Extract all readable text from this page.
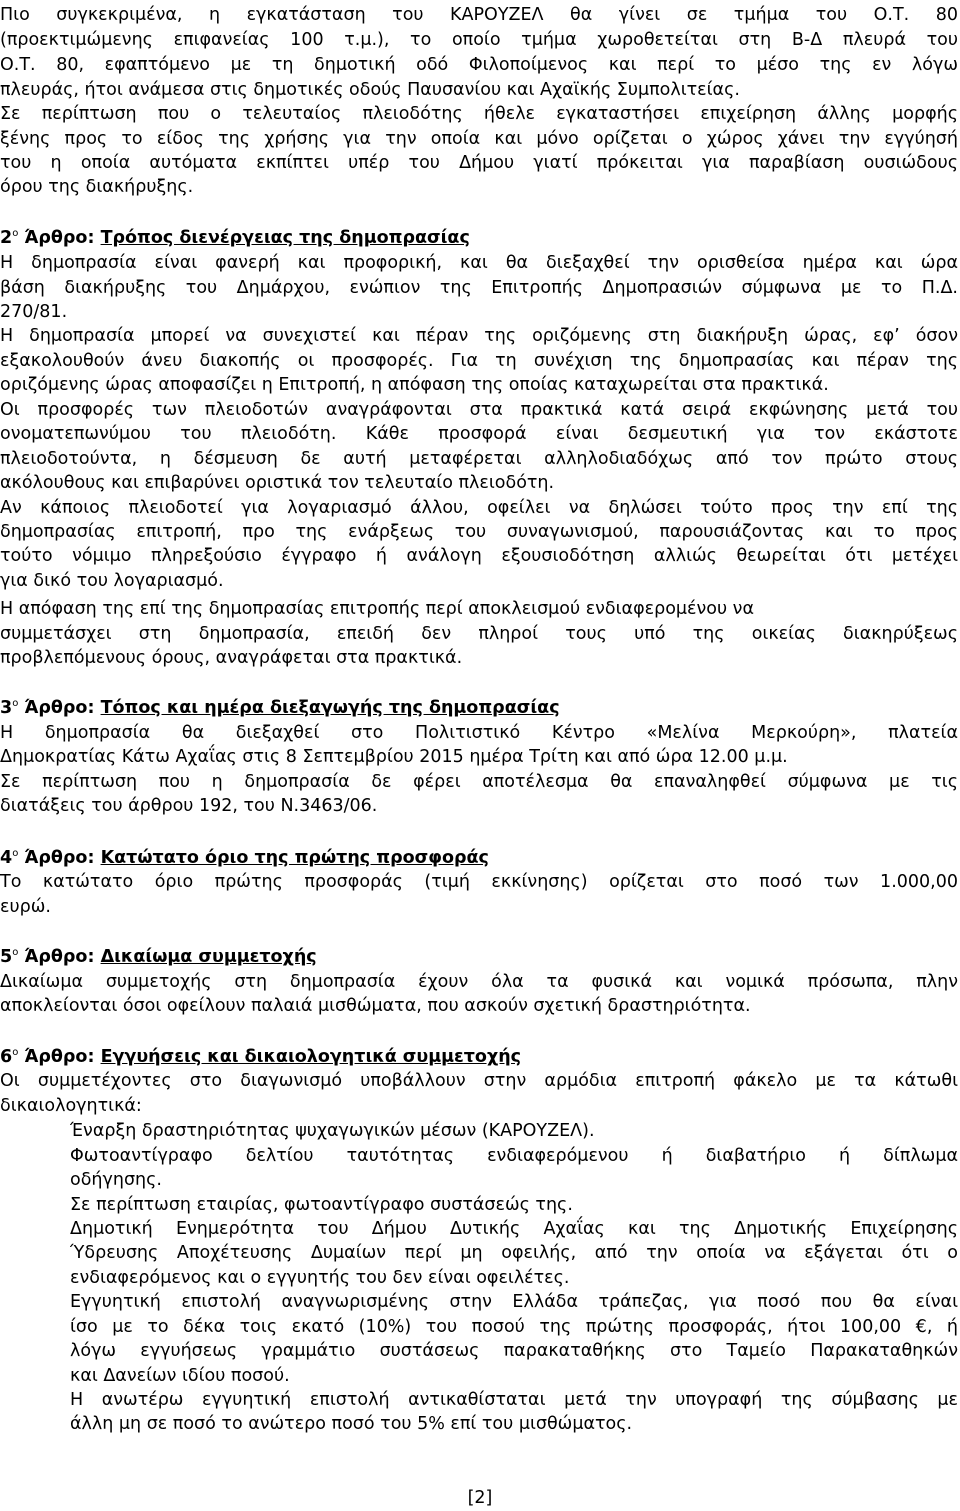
Πιο συγκεκριμένα, η εγκατάσταση του ΚΑΡΟΥΖΕΛ θα γίνει σε τμήμα του Ο.Τ. 80

(προεκτιμώμενης επιφανείας 100 τ.μ.), το οποίο τμήμα χωροθετείται στη Β-Δ πλευρά του

Ο.Τ. 80, εφαπτόμενο με τη δημοτική οδό Φιλοποίμενος και περί το μέσο της εν λόγω

πλευράς, ήτοι ανάμεσα στις δημοτικές οδούς Παυσανίου και Αχαϊκής Συμπολιτείας.

Σε περίπτωση που ο τελευταίος πλειοδότης ήθελε εγκαταστήσει επιχείρηση άλλης μορφής

ξένης προς το είδος της χρήσης για την οποία και μόνο ορίζεται ο χώρος χάνει την εγγύησή

του η οποία αυτόματα εκπίπτει υπέρ του Δήμου γιατί πρόκειται για παραβίαση ουσιώδους

όρου της διακήρυξης.

$2^o$ Άρθρο: Τρόπος διενέργειας της δημοπρασίας

Η δημοπρασία είναι φανερή και προφορική, και θα διεξαχθεί την ορισθείσα ημέρα και ώρα

βάση διακήρυξης του Δημάρχου, ενώπιον της Επιτροπής Δημοπρασιών σύμφωνα με το Π.Δ.

270/81.

Η δημοπρασία μπορεί να συνεχιστεί και πέραν της οριζόμενης στη διακήρυξη ώρας, εφ’ όσον

εξακολουθούν άνευ διακοπής οι προσφορές. Για τη συνέχιση της δημοπρασίας και πέραν της

οριζόμενης ώρας αποφασίζει η Επιτροπή, η απόφαση της οποίας καταχωρείται στα πρακτικά.

Οι προσφορές των πλειοδοτών αναγράφονται στα πρακτικά κατά σειρά εκφώνησης μετά του

ονοματεπωνύμου του πλειοδότη. Κάθε προσφορά είναι δεσμευτική για τον εκάστοτε

πλειοδοτούντα, η δέσμευση δε αυτή μεταφέρεται αλληλοδιαδόχως από τον πρώτο στους

ακόλουθους και επιβαρύνει οριστικά τον τελευταίο πλειοδότη.

Αν κάποιος πλειοδοτεί για λογαριασμό άλλου, οφείλει να δηλώσει τούτο προς την επί της

δημοπρασίας επιτροπή, προ της ενάρξεως του συναγωνισμού, παρουσιάζοντας και το προς

τούτο νόμιμο πληρεξούσιο έγγραφο ή ανάλογη εξουσιοδότηση αλλιώς θεωρείται ότι μετέχει

για δικό του λογαριασμό.

Η απόφαση της επί της δημοπρασίας επιτροπής περί αποκλεισμού ενδιαφερομένου να

συμμετάσχει στη δημοπρασία, επειδή δεν πληροί τους υπό της οικείας διακηρύξεως

προβλεπόμενους όρους, αναγράφεται στα πρακτικά.

$3^o$ Άρθρο: Τόπος και ημέρα διεξαγωγής της δημοπρασίας

Η δημοπρασία θα διεξαχθεί στο Πολιτιστικό Κέντρο «Μελίνα Μερκούρη», πλατεία

Δημοκρατίας Κάτω Αχαΐας στις 8 Σεπτεμβρίου 2015 ημέρα Τρίτη και από ώρα 12.00 μ.μ.

Σε περίπτωση που η δημοπρασία δε φέρει αποτέλεσμα θα επαναληφθεί σύμφωνα με τις

διατάξεις του άρθρου 192, του Ν.3463/06.

$4^o$ Άρθρο: Κατώτατο όριο της πρώτης προσφοράς

Το κατώτατο όριο πρώτης προσφοράς (τιμή εκκίνησης) ορίζεται στο ποσό των 1.000,00

ευρώ.

$5^o$ Άρθρο: Δικαίωμα συμμετοχής

Δικαίωμα συμμετοχής στη δημοπρασία έχουν όλα τα φυσικά και νομικά πρόσωπα, πλην

αποκλείονται όσοι οφείλουν παλαιά μισθώματα, που ασκούν σχετική δραστηριότητα.

$6^o$ Άρθρο: Εγγυήσεις και δικαιολογητικά συμμετοχής

Οι συμμετέχοντες στο διαγωνισμό υποβάλλουν στην αρμόδια επιτροπή φάκελο με τα κάτωθι

δικαιολογητικά:

Έναρξη δραστηριότητας ψυχαγωγικών μέσων (ΚΑΡΟΥΖΕΛ).

Φωτοαντίγραφο δελτίου ταυτότητας ενδιαφερόμενου ή διαβατήριο ή δίπλωμα

οδήγησης.

Σε περίπτωση εταιρίας, φωτοαντίγραφο συστάσεώς της.

Δημοτική Ενημερότητα του Δήμου Δυτικής Αχαΐας και της Δημοτικής Επιχείρησης

Ύδρευσης Αποχέτευσης Δυμαίων περί μη οφειλής, από την οποία να εξάγεται ότι ο

ενδιαφερόμενος και ο εγγυητής του δεν είναι οφειλέτες.

Εγγυητική επιστολή αναγνωρισμένης στην Ελλάδα τράπεζας, για ποσό που θα είναι

ίσο με το δέκα τοις εκατό (10%) του ποσού της πρώτης προσφοράς, ήτοι 100,00 €, ή

λόγω εγγυήσεως γραμμάτιο συστάσεως παρακαταθήκης στο Ταμείο Παρακαταθηκών

και Δανείων ιδίου ποσού.

Η ανωτέρω εγγυητική επιστολή αντικαθίσταται μετά την υπογραφή της σύμβασης με

άλλη μη σε ποσό το ανώτερο ποσό του 5% επί του μισθώματος.

[2]
